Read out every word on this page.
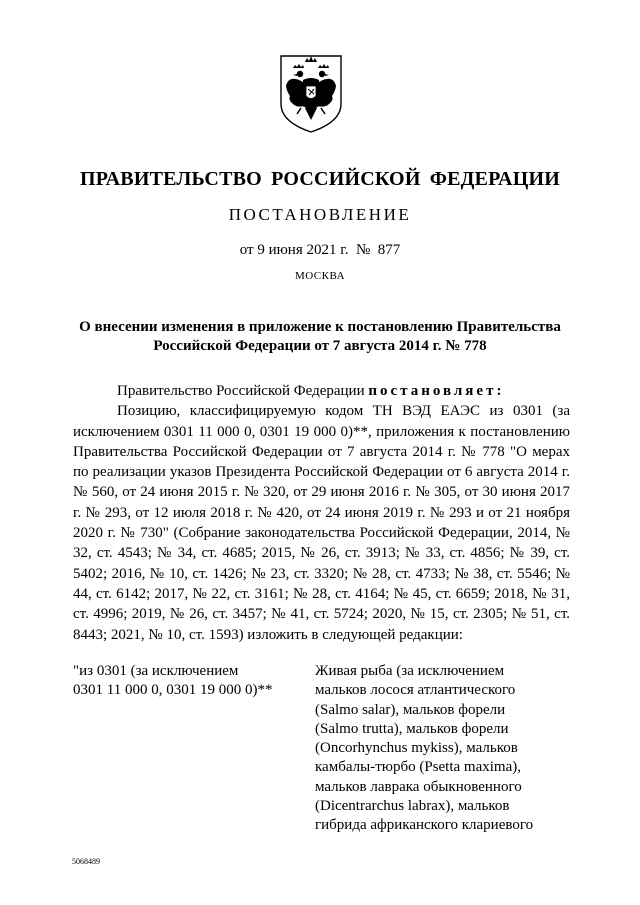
ПРАВИТЕЛЬСТВО РОССИЙСКОЙ ФЕДЕРАЦИИ
ПОСТАНОВЛЕНИЕ
от 9 июня 2021 г.  №  877
МОСКВА
О внесении изменения в приложение к постановлению Правительства
Российской Федерации от 7 августа 2014 г. № 778

Правительство Российской Федерации постановляет:

Позицию, классифицируемую кодом ТН ВЭД ЕАЭС из 0301 (за исключением 0301 11 000 0, 0301 19 000 0)**, приложения к постановлению Правительства Российской Федерации от 7 августа 2014 г. № 778 "О мерах по реализации указов Президента Российской Федерации от 6 августа 2014 г. № 560, от 24 июня 2015 г. № 320, от 29 июня 2016 г. № 305, от 30 июня 2017 г. № 293, от 12 июля 2018 г. № 420, от 24 июня 2019 г. № 293 и от 21 ноября 2020 г. № 730" (Собрание законодательства Российской Федерации, 2014, № 32, ст. 4543; № 34, ст. 4685; 2015, № 26, ст. 3913; № 33, ст. 4856; № 39, ст. 5402; 2016, № 10, ст. 1426; № 23, ст. 3320; № 28, ст. 4733; № 38, ст. 5546; № 44, ст. 6142; 2017, № 22, ст. 3161; № 28, ст. 4164; № 45, ст. 6659; 2018, № 31, ст. 4996; 2019, № 26, ст. 3457; № 41, ст. 5724; 2020, № 15, ст. 2305; № 51, ст. 8443; 2021, № 10, ст. 1593) изложить в следующей редакции:

"из 0301 (за исключением
0301 11 000 0, 0301 19 000 0)**
Живая рыба (за исключением
мальков лосося атлантического
(Salmo salar), мальков форели
(Salmo trutta), мальков форели
(Oncorhynchus mykiss), мальков
камбалы-тюрбо (Psetta maxima),
мальков лаврака обыкновенного
(Dicentrarchus labrax), мальков
гибрида африканского клариевого
5068489
